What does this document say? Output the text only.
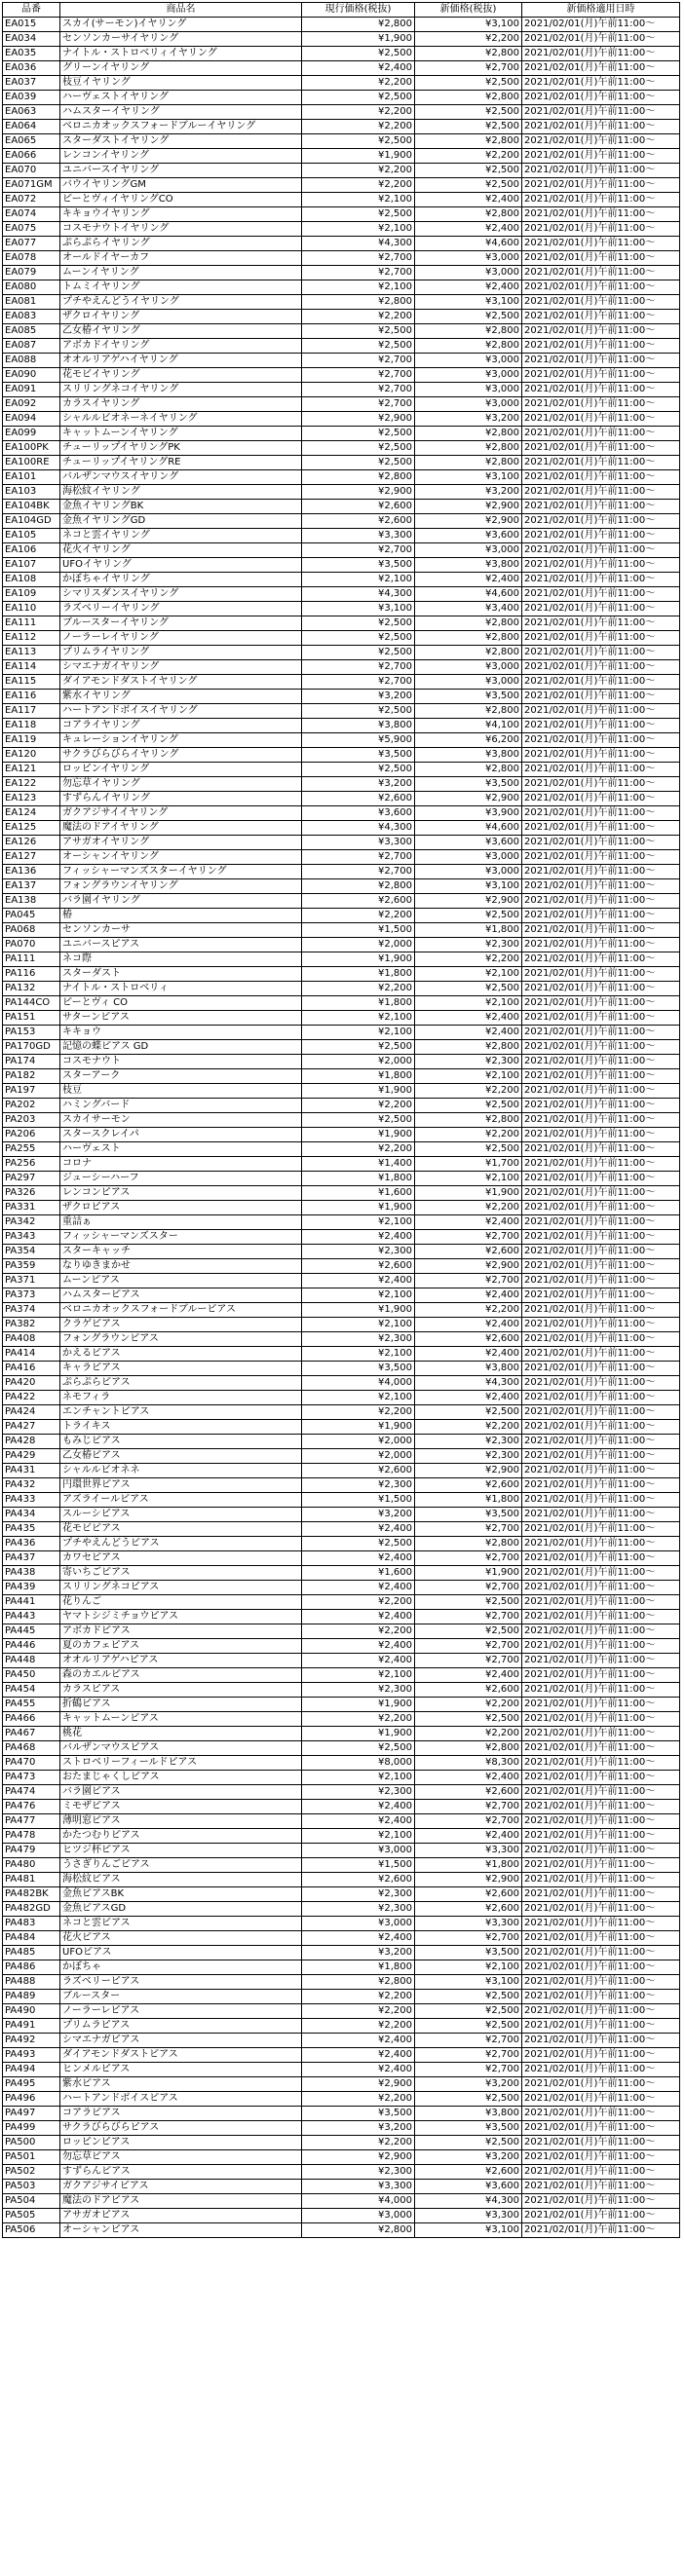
品番	商品名	現行価格(税抜)	新価格(税抜)	新価格適用日時
EA015	スカイ(サーモン)イヤリング	¥2,800	¥3,100	2021/02/01(月)午前11:00～
EA034	センソンカーサイヤリング	¥1,900	¥2,200	2021/02/01(月)午前11:00～
EA035	ナイトル・ストロベリィイヤリング	¥2,500	¥2,800	2021/02/01(月)午前11:00～
EA036	グリーンイヤリング	¥2,400	¥2,700	2021/02/01(月)午前11:00～
EA037	枝豆イヤリング	¥2,200	¥2,500	2021/02/01(月)午前11:00～
EA039	ハーヴェストイヤリング	¥2,500	¥2,800	2021/02/01(月)午前11:00～
EA063	ハムスターイヤリング	¥2,200	¥2,500	2021/02/01(月)午前11:00～
EA064	ベロニカオックスフォードブルーイヤリング	¥2,200	¥2,500	2021/02/01(月)午前11:00～
EA065	スターダストイヤリング	¥2,500	¥2,800	2021/02/01(月)午前11:00～
EA066	レンコンイヤリング	¥1,900	¥2,200	2021/02/01(月)午前11:00～
EA070	ユニバースイヤリング	¥2,200	¥2,500	2021/02/01(月)午前11:00～
EA071GM	バウイヤリングGM	¥2,200	¥2,500	2021/02/01(月)午前11:00～
EA072	ピーとヴィイヤリングCO	¥2,100	¥2,400	2021/02/01(月)午前11:00～
EA074	キキョウイヤリング	¥2,500	¥2,800	2021/02/01(月)午前11:00～
EA075	コスモナウトイヤリング	¥2,100	¥2,400	2021/02/01(月)午前11:00～
EA077	ぷらぷらイヤリング	¥4,300	¥4,600	2021/02/01(月)午前11:00～
EA078	オールドイヤーカフ	¥2,700	¥3,000	2021/02/01(月)午前11:00～
EA079	ムーンイヤリング	¥2,700	¥3,000	2021/02/01(月)午前11:00～
EA080	トムミイヤリング	¥2,100	¥2,400	2021/02/01(月)午前11:00～
EA081	プチやえんどうイヤリング	¥2,800	¥3,100	2021/02/01(月)午前11:00～
EA083	ザクロイヤリング	¥2,200	¥2,500	2021/02/01(月)午前11:00～
EA085	乙女椿イヤリング	¥2,500	¥2,800	2021/02/01(月)午前11:00～
EA087	アボカドイヤリング	¥2,500	¥2,800	2021/02/01(月)午前11:00～
EA088	オオルリアゲハイヤリング	¥2,700	¥3,000	2021/02/01(月)午前11:00～
EA090	花モビイヤリング	¥2,700	¥3,000	2021/02/01(月)午前11:00～
EA091	スリリングネコイヤリング	¥2,700	¥3,000	2021/02/01(月)午前11:00～
EA092	カラスイヤリング	¥2,700	¥3,000	2021/02/01(月)午前11:00～
EA094	シャルルビオネーネイヤリング	¥2,900	¥3,200	2021/02/01(月)午前11:00～
EA099	キャットムーンイヤリング	¥2,500	¥2,800	2021/02/01(月)午前11:00～
EA100PK	チューリップイヤリングPK	¥2,500	¥2,800	2021/02/01(月)午前11:00～
EA100RE	チューリップイヤリングRE	¥2,500	¥2,800	2021/02/01(月)午前11:00～
EA101	バルザンマウスイヤリング	¥2,800	¥3,100	2021/02/01(月)午前11:00～
EA103	海松紋イヤリング	¥2,900	¥3,200	2021/02/01(月)午前11:00～
EA104BK	金魚イヤリングBK	¥2,600	¥2,900	2021/02/01(月)午前11:00～
EA104GD	金魚イヤリングGD	¥2,600	¥2,900	2021/02/01(月)午前11:00～
EA105	ネコと雲イヤリング	¥3,300	¥3,600	2021/02/01(月)午前11:00～
EA106	花火イヤリング	¥2,700	¥3,000	2021/02/01(月)午前11:00～
EA107	UFOイヤリング	¥3,500	¥3,800	2021/02/01(月)午前11:00～
EA108	かぼちゃイヤリング	¥2,100	¥2,400	2021/02/01(月)午前11:00～
EA109	シマリスダンスイヤリング	¥4,300	¥4,600	2021/02/01(月)午前11:00～
EA110	ラズベリーイヤリング	¥3,100	¥3,400	2021/02/01(月)午前11:00～
EA111	ブルースターイヤリング	¥2,500	¥2,800	2021/02/01(月)午前11:00～
EA112	ノーラーレイヤリング	¥2,500	¥2,800	2021/02/01(月)午前11:00～
EA113	プリムライヤリング	¥2,500	¥2,800	2021/02/01(月)午前11:00～
EA114	シマエナガイヤリング	¥2,700	¥3,000	2021/02/01(月)午前11:00～
EA115	ダイアモンドダストイヤリング	¥2,700	¥3,000	2021/02/01(月)午前11:00～
EA116	紫水イヤリング	¥3,200	¥3,500	2021/02/01(月)午前11:00～
EA117	ハートアンドボイスイヤリング	¥2,500	¥2,800	2021/02/01(月)午前11:00～
EA118	コアライヤリング	¥3,800	¥4,100	2021/02/01(月)午前11:00～
EA119	キュレーションイヤリング	¥5,900	¥6,200	2021/02/01(月)午前11:00～
EA120	サクラびらびらイヤリング	¥3,500	¥3,800	2021/02/01(月)午前11:00～
EA121	ロッピンイヤリング	¥2,500	¥2,800	2021/02/01(月)午前11:00～
EA122	勿忘草イヤリング	¥3,200	¥3,500	2021/02/01(月)午前11:00～
EA123	すずらんイヤリング	¥2,600	¥2,900	2021/02/01(月)午前11:00～
EA124	ガクアジサイイヤリング	¥3,600	¥3,900	2021/02/01(月)午前11:00～
EA125	魔法のドアイヤリング	¥4,300	¥4,600	2021/02/01(月)午前11:00～
EA126	アサガオイヤリング	¥3,300	¥3,600	2021/02/01(月)午前11:00～
EA127	オーシャンイヤリング	¥2,700	¥3,000	2021/02/01(月)午前11:00～
EA136	フィッシャーマンズスターイヤリング	¥2,700	¥3,000	2021/02/01(月)午前11:00～
EA137	フォングラウンイヤリング	¥2,800	¥3,100	2021/02/01(月)午前11:00～
EA138	バラ園イヤリング	¥2,600	¥2,900	2021/02/01(月)午前11:00～
PA045	椿	¥2,200	¥2,500	2021/02/01(月)午前11:00～
PA068	センソンカーサ	¥1,500	¥1,800	2021/02/01(月)午前11:00～
PA070	ユニバースピアス	¥2,000	¥2,300	2021/02/01(月)午前11:00～
PA111	ネコ際	¥1,900	¥2,200	2021/02/01(月)午前11:00～
PA116	スターダスト	¥1,800	¥2,100	2021/02/01(月)午前11:00～
PA132	ナイトル・ストロベリィ	¥2,200	¥2,500	2021/02/01(月)午前11:00～
PA144CO	ピーとヴィ CO	¥1,800	¥2,100	2021/02/01(月)午前11:00～
PA151	サターンピアス	¥2,100	¥2,400	2021/02/01(月)午前11:00～
PA153	キキョウ	¥2,100	¥2,400	2021/02/01(月)午前11:00～
PA170GD	記憶の蝶ピアス GD	¥2,500	¥2,800	2021/02/01(月)午前11:00～
PA174	コスモナウト	¥2,000	¥2,300	2021/02/01(月)午前11:00～
PA182	スターアーク	¥1,800	¥2,100	2021/02/01(月)午前11:00～
PA197	枝豆	¥1,900	¥2,200	2021/02/01(月)午前11:00～
PA202	ハミングバード	¥2,200	¥2,500	2021/02/01(月)午前11:00～
PA203	スカイサーモン	¥2,500	¥2,800	2021/02/01(月)午前11:00～
PA206	スタースクレイパ	¥1,900	¥2,200	2021/02/01(月)午前11:00～
PA255	ハーヴェスト	¥2,200	¥2,500	2021/02/01(月)午前11:00～
PA256	コロナ	¥1,400	¥1,700	2021/02/01(月)午前11:00～
PA297	ジューシーハーフ	¥1,800	¥2,100	2021/02/01(月)午前11:00～
PA326	レンコンピアス	¥1,600	¥1,900	2021/02/01(月)午前11:00～
PA331	ザクロピアス	¥1,900	¥2,200	2021/02/01(月)午前11:00～
PA342	重詰ぁ	¥2,100	¥2,400	2021/02/01(月)午前11:00～
PA343	フィッシャーマンズスター	¥2,400	¥2,700	2021/02/01(月)午前11:00～
PA354	スターキャッチ	¥2,300	¥2,600	2021/02/01(月)午前11:00～
PA359	なりゆきまかせ	¥2,600	¥2,900	2021/02/01(月)午前11:00～
PA371	ムーンピアス	¥2,400	¥2,700	2021/02/01(月)午前11:00～
PA373	ハムスターピアス	¥2,100	¥2,400	2021/02/01(月)午前11:00～
PA374	ベロニカオックスフォードブルーピアス	¥1,900	¥2,200	2021/02/01(月)午前11:00～
PA382	クラゲピアス	¥2,100	¥2,400	2021/02/01(月)午前11:00～
PA408	フォングラウンピアス	¥2,300	¥2,600	2021/02/01(月)午前11:00～
PA414	かえるピアス	¥2,100	¥2,400	2021/02/01(月)午前11:00～
PA416	キャラピアス	¥3,500	¥3,800	2021/02/01(月)午前11:00～
PA420	ぷらぷらピアス	¥4,000	¥4,300	2021/02/01(月)午前11:00～
PA422	ネモフィラ	¥2,100	¥2,400	2021/02/01(月)午前11:00～
PA424	エンチャントピアス	¥2,200	¥2,500	2021/02/01(月)午前11:00～
PA427	トライキス	¥1,900	¥2,200	2021/02/01(月)午前11:00～
PA428	もみじピアス	¥2,000	¥2,300	2021/02/01(月)午前11:00～
PA429	乙女椿ピアス	¥2,000	¥2,300	2021/02/01(月)午前11:00～
PA431	シャルルビオネネ	¥2,600	¥2,900	2021/02/01(月)午前11:00～
PA432	円環世界ピアス	¥2,300	¥2,600	2021/02/01(月)午前11:00～
PA433	アズライールピアス	¥1,500	¥1,800	2021/02/01(月)午前11:00～
PA434	スルーシピアス	¥3,200	¥3,500	2021/02/01(月)午前11:00～
PA435	花モビピアス	¥2,400	¥2,700	2021/02/01(月)午前11:00～
PA436	プチやえんどうピアス	¥2,500	¥2,800	2021/02/01(月)午前11:00～
PA437	カワセピアス	¥2,400	¥2,700	2021/02/01(月)午前11:00～
PA438	寄いちごピアス	¥1,600	¥1,900	2021/02/01(月)午前11:00～
PA439	スリリングネコピアス	¥2,400	¥2,700	2021/02/01(月)午前11:00～
PA441	花りんご	¥2,200	¥2,500	2021/02/01(月)午前11:00～
PA443	ヤマトシジミチョウピアス	¥2,400	¥2,700	2021/02/01(月)午前11:00～
PA445	アボカドピアス	¥2,200	¥2,500	2021/02/01(月)午前11:00～
PA446	夏のカフェピアス	¥2,400	¥2,700	2021/02/01(月)午前11:00～
PA448	オオルリアゲハピアス	¥2,400	¥2,700	2021/02/01(月)午前11:00～
PA450	森のカエルピアス	¥2,100	¥2,400	2021/02/01(月)午前11:00～
PA454	カラスピアス	¥2,300	¥2,600	2021/02/01(月)午前11:00～
PA455	折鶴ピアス	¥1,900	¥2,200	2021/02/01(月)午前11:00～
PA466	キャットムーンピアス	¥2,200	¥2,500	2021/02/01(月)午前11:00～
PA467	桃花	¥1,900	¥2,200	2021/02/01(月)午前11:00～
PA468	バルザンマウスピアス	¥2,500	¥2,800	2021/02/01(月)午前11:00～
PA470	ストロベリーフィールドピアス	¥8,000	¥8,300	2021/02/01(月)午前11:00～
PA473	おたまじゃくしピアス	¥2,100	¥2,400	2021/02/01(月)午前11:00～
PA474	バラ園ピアス	¥2,300	¥2,600	2021/02/01(月)午前11:00～
PA476	ミモザピアス	¥2,400	¥2,700	2021/02/01(月)午前11:00～
PA477	薄明窓ピアス	¥2,400	¥2,700	2021/02/01(月)午前11:00～
PA478	かたつむりピアス	¥2,100	¥2,400	2021/02/01(月)午前11:00～
PA479	ヒツジ杯ピアス	¥3,000	¥3,300	2021/02/01(月)午前11:00～
PA480	うさぎりんごピアス	¥1,500	¥1,800	2021/02/01(月)午前11:00～
PA481	海松紋ピアス	¥2,600	¥2,900	2021/02/01(月)午前11:00～
PA482BK	金魚ピアスBK	¥2,300	¥2,600	2021/02/01(月)午前11:00～
PA482GD	金魚ピアスGD	¥2,300	¥2,600	2021/02/01(月)午前11:00～
PA483	ネコと雲ピアス	¥3,000	¥3,300	2021/02/01(月)午前11:00～
PA484	花火ピアス	¥2,400	¥2,700	2021/02/01(月)午前11:00～
PA485	UFOピアス	¥3,200	¥3,500	2021/02/01(月)午前11:00～
PA486	かぼちゃ	¥1,800	¥2,100	2021/02/01(月)午前11:00～
PA488	ラズベリーピアス	¥2,800	¥3,100	2021/02/01(月)午前11:00～
PA489	ブルースター	¥2,200	¥2,500	2021/02/01(月)午前11:00～
PA490	ノーラーレピアス	¥2,200	¥2,500	2021/02/01(月)午前11:00～
PA491	プリムラピアス	¥2,200	¥2,500	2021/02/01(月)午前11:00～
PA492	シマエナガピアス	¥2,400	¥2,700	2021/02/01(月)午前11:00～
PA493	ダイアモンドダストピアス	¥2,400	¥2,700	2021/02/01(月)午前11:00～
PA494	ヒンメルピアス	¥2,400	¥2,700	2021/02/01(月)午前11:00～
PA495	紫水ピアス	¥2,900	¥3,200	2021/02/01(月)午前11:00～
PA496	ハートアンドボイスピアス	¥2,200	¥2,500	2021/02/01(月)午前11:00～
PA497	コアラピアス	¥3,500	¥3,800	2021/02/01(月)午前11:00～
PA499	サクラびらびらピアス	¥3,200	¥3,500	2021/02/01(月)午前11:00～
PA500	ロッピンピアス	¥2,200	¥2,500	2021/02/01(月)午前11:00～
PA501	勿忘草ピアス	¥2,900	¥3,200	2021/02/01(月)午前11:00～
PA502	すずらんピアス	¥2,300	¥2,600	2021/02/01(月)午前11:00～
PA503	ガクアジサイピアス	¥3,300	¥3,600	2021/02/01(月)午前11:00～
PA504	魔法のドアピアス	¥4,000	¥4,300	2021/02/01(月)午前11:00～
PA505	アサガオピアス	¥3,000	¥3,300	2021/02/01(月)午前11:00～
PA506	オーシャンピアス	¥2,800	¥3,100	2021/02/01(月)午前11:00～
